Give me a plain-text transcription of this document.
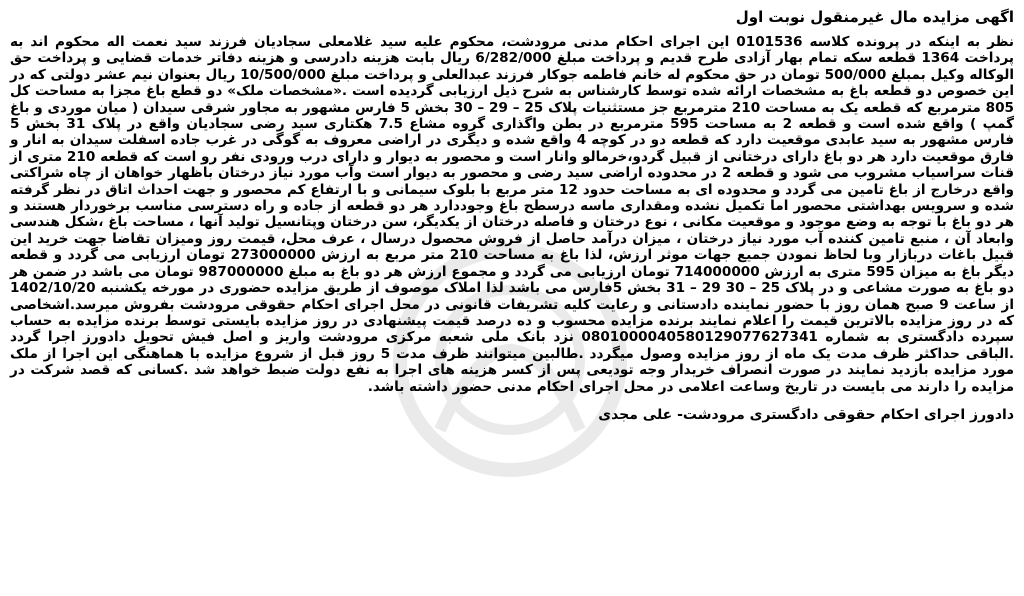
اگهی مزایده مال غیرمنقول نوبت اول

نظر به اینکه در پرونده کلاسه 0101536 این اجرای احکام مدنی مرودشت، محکوم علیه سید غلامعلی سجادیان فرزند سید نعمت اله محکوم اند به پرداخت 1364 قطعه سکه تمام بهار آزادی طرح قدیم و پرداخت مبلغ 6/282/000 ریال بابت هزینه دادرسی و هزینه دفاتر خدمات قضایی و پرداخت حق الوکاله وکیل بمبلغ 500/000 تومان در حق محکوم له خانم فاطمه جوکار فرزند عبدالعلی و پرداخت مبلغ 10/500/000 ریال بعنوان نیم عشر دولتی که در این خصوص دو قطعه باغ به مشخصات ارائه شده توسط کارشناس به شرح ذیل ارزیابی گردیده است .«مشخصات ملک» دو قطع باغ مجزا به مساحت کل 805 مترمربع که قطعه یک به مساحت 210 مترمربع جز مستثنیات پلاک 25 – 29 – 30 بخش 5 فارس مشهور به مجاور شرقی سیدان ( میان موردی و باغ گمپ ) واقع شده است و قطعه 2 به مساحت 595 مترمربع در بطن واگذاری گروه مشاع 7.5 هکتاری سید رضی سجادیان واقع در پلاک 31 بخش 5 فارس مشهور به سید عابدی موقعیت دارد که قطعه دو در کوچه 4 واقع شده و دیگری در اراضی معروف به گوگی در غرب جاده اسفلت سیدان به انار و فارق موقعیت دارد هر دو باغ دارای درختانی از قبیل گردو،خرمالو وانار است و محصور به دیوار و دارای درب ورودی نفر رو است که قطعه 210 متری از قنات سراسیاب مشروب می شود و قطعه 2 در محدوده اراضی سید رضی و محصور به دیوار است وآب مورد نیاز درختان باظهار خواهان از چاه شراکتی واقع درخارج از باغ تامین می گردد و محدوده ای به مساحت حدود 12 متر مربع با بلوک سیمانی و با ارتفاع کم محصور و جهت احداث اتاق در نظر گرفته شده و سرویس بهداشتی محصور اما تکمیل نشده ومقداری ماسه درسطح باغ وجوددارد هر دو قطعه از جاده و راه دسترسی مناسب برخوردار هستند و هر دو باغ با توجه به وضع موجود و موقعیت مکانی ، نوع درختان و فاصله درختان از یکدیگر، سن درختان وپتانسیل تولید آنها ، مساحت باغ ،شکل هندسی وابعاد آن ، منبع تامین کننده آب مورد نیاز درختان ، میزان درآمد حاصل از فروش محصول درسال ، عرف محل، قیمت روز ومیزان تقاضا جهت خرید این قبیل باغات دربازار وبا لحاظ نمودن جمیع جهات موثر ارزش، لذا باغ به مساحت 210 متر مربع به ارزش 273000000 تومان ارزیابی می گردد و قطعه دیگر باغ به میزان 595 متری به ارزش 714000000 تومان ارزیابی می گردد و مجموع ارزش هر دو باغ به مبلغ 987000000 تومان می باشد در ضمن هر دو باغ به صورت مشاعی و در پلاک 25 – 30 29 – 31 بخش 5فارس می باشد لذا املاک موصوف از طریق مزایده حضوری در مورخه یکشنبه 1402/10/20 از ساعت 9 صبح همان روز با حضور نماینده دادستانی و رعایت کلیه تشریفات قانونی در محل اجرای احکام حقوقی مرودشت بفروش میرسد.اشخاصی که در روز مزایده بالاترین قیمت را اعلام نمایند برنده مزایده محسوب و ده درصد قیمت پیشنهادی در روز مزایده بایستی توسط برنده مزایده به حساب سپرده دادگستری به شماره 0801000040580129077627341 نزد بانک ملی شعبه مرکزی مرودشت واریز و اصل فیش تحویل دادورز اجرا گردد .الباقی حداکثر ظرف مدت یک ماه از روز مزایده وصول میگردد .طالبین میتوانند ظرف مدت 5 روز قبل از شروع مزایده با هماهنگی این اجرا از ملک مورد مزایده بازدید نمایند در صورت انصراف خریدار وجه تودیعی پس از کسر هزینه های اجرا به نفع دولت ضبط خواهد شد .کسانی که قصد شرکت در مزایده را دارند می بایست در تاریخ وساعت اعلامی در محل اجرای احکام مدنی حضور داشته باشد.

دادورز اجرای احکام حقوقی دادگستری مرودشت- علی مجدی
